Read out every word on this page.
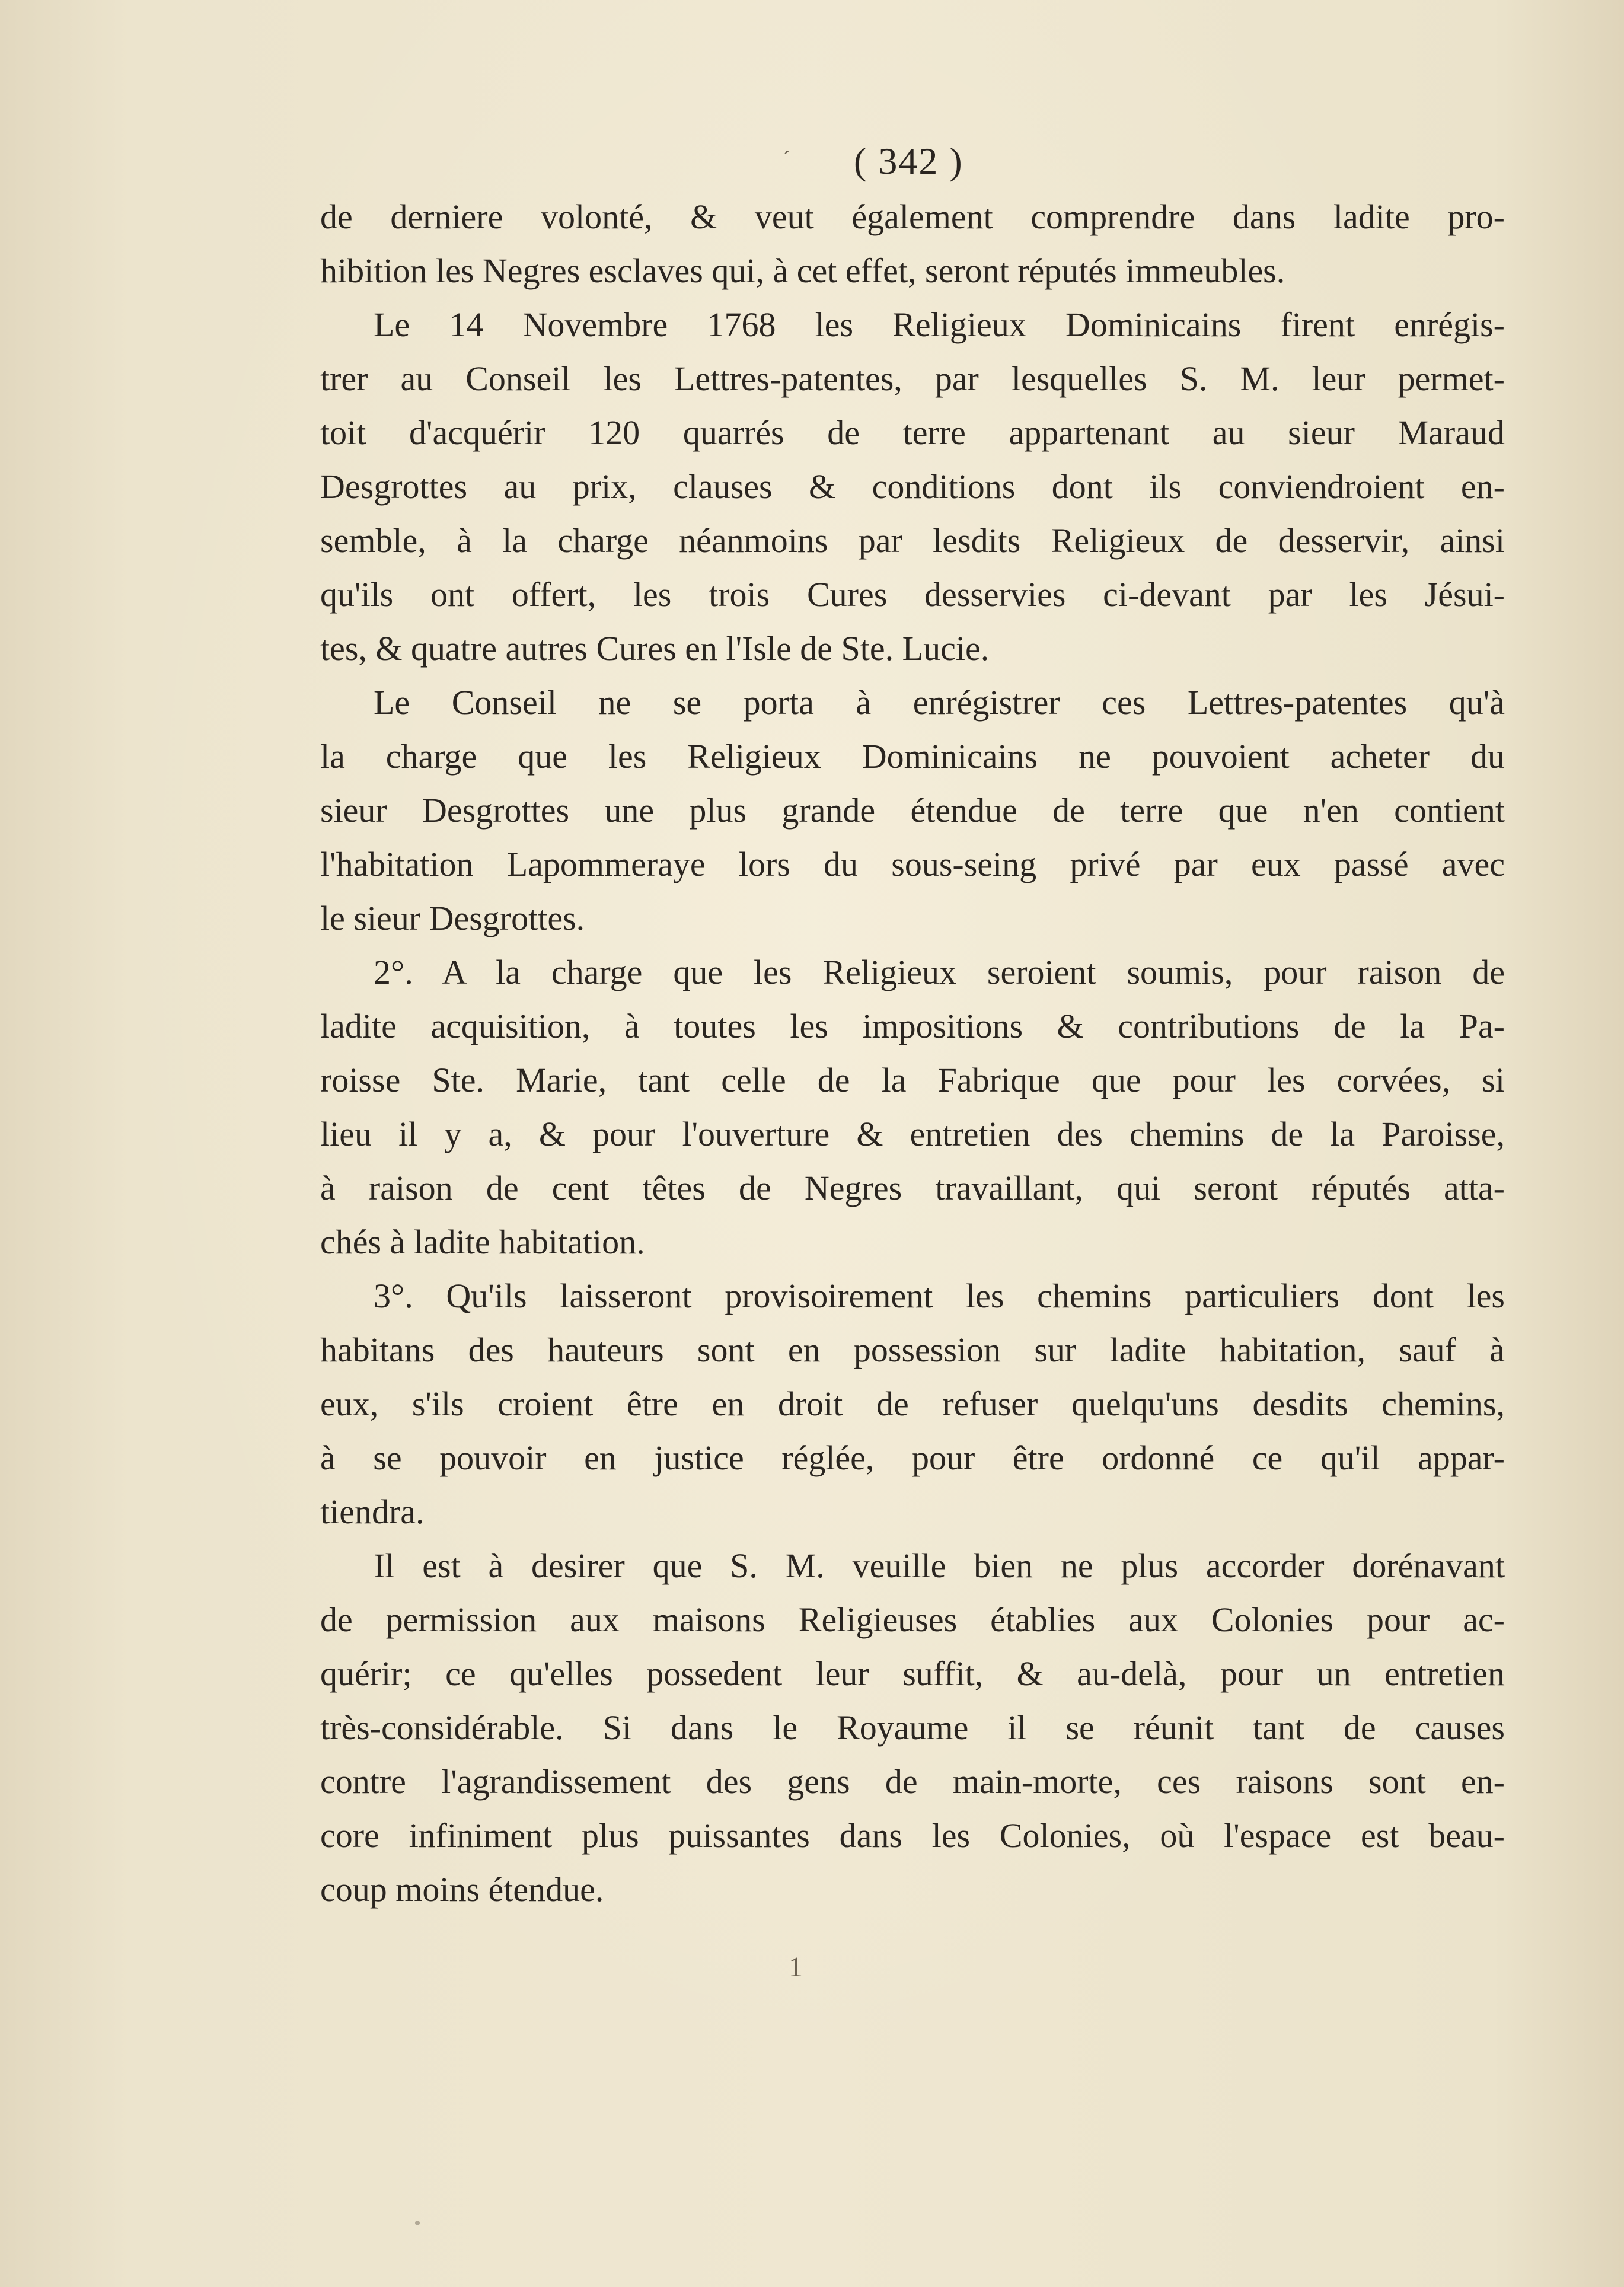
´ ( 342 )
de derniere volonté, & veut également comprendre dans ladite pro-
hibition les Negres esclaves qui, à cet effet, seront réputés immeubles.
Le 14 Novembre 1768 les Religieux Dominicains firent enrégis-
trer au Conseil les Lettres-patentes, par lesquelles S. M. leur permet-
toit d'acquérir 120 quarrés de terre appartenant au sieur Maraud
Desgrottes au prix, clauses & conditions dont ils conviendroient en-
semble, à la charge néanmoins par lesdits Religieux de desservir, ainsi
qu'ils ont offert, les trois Cures desservies ci-devant par les Jésui-
tes, & quatre autres Cures en l'Isle de Ste. Lucie.
Le Conseil ne se porta à enrégistrer ces Lettres-patentes qu'à
la charge que les Religieux Dominicains ne pouvoient acheter du
sieur Desgrottes une plus grande étendue de terre que n'en contient
l'habitation Lapommeraye lors du sous-seing privé par eux passé avec
le sieur Desgrottes.
2°. A la charge que les Religieux seroient soumis, pour raison de
ladite acquisition, à toutes les impositions & contributions de la Pa-
roisse Ste. Marie, tant celle de la Fabrique que pour les corvées, si
lieu il y a, & pour l'ouverture & entretien des chemins de la Paroisse,
à raison de cent têtes de Negres travaillant, qui seront réputés atta-
chés à ladite habitation.
3°. Qu'ils laisseront provisoirement les chemins particuliers dont les
habitans des hauteurs sont en possession sur ladite habitation, sauf à
eux, s'ils croient être en droit de refuser quelqu'uns desdits chemins,
à se pouvoir en justice réglée, pour être ordonné ce qu'il appar-
tiendra.
Il est à desirer que S. M. veuille bien ne plus accorder dorénavant
de permission aux maisons Religieuses établies aux Colonies pour ac-
quérir; ce qu'elles possedent leur suffit, & au-delà, pour un entretien
très-considérable. Si dans le Royaume il se réunit tant de causes
contre l'agrandissement des gens de main-morte, ces raisons sont en-
core infiniment plus puissantes dans les Colonies, où l'espace est beau-
coup moins étendue.
1
